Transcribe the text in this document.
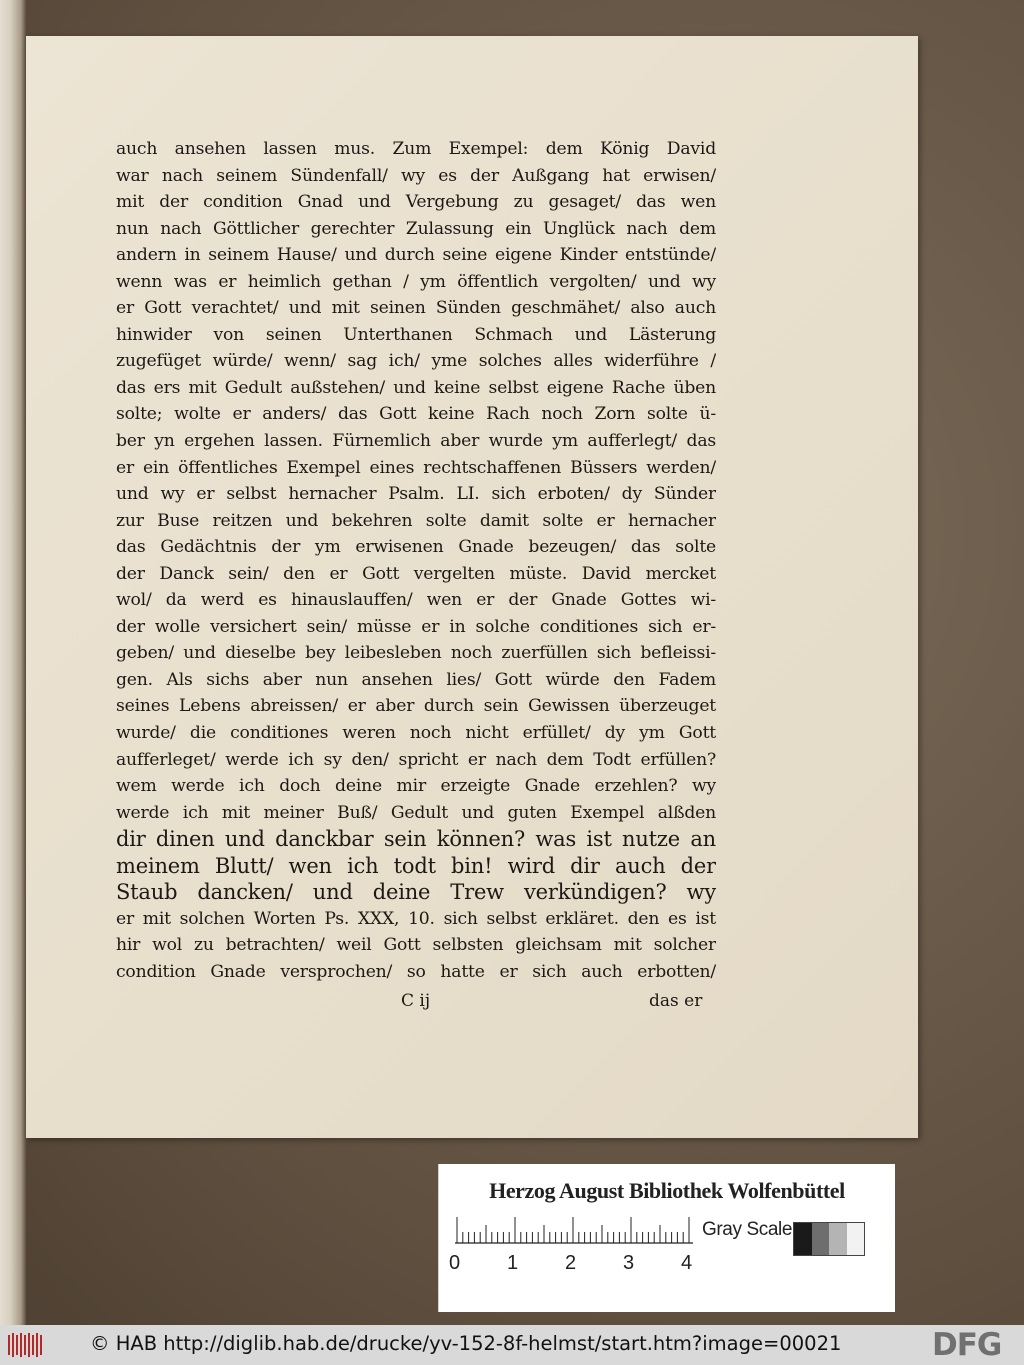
auch ansehen lassen mus. Zum Exempel: dem König David
war nach seinem Sündenfall/ wy es der Außgang hat erwisen/
mit der condition Gnad und Vergebung zu gesaget/ das wen
nun nach Göttlicher gerechter Zulassung ein Unglück nach dem
andern in seinem Hause/ und durch seine eigene Kinder entstünde/
wenn was er heimlich gethan / ym öffentlich vergolten/ und wy
er Gott verachtet/ und mit seinen Sünden geschmähet/ also auch
hinwider von seinen Unterthanen Schmach und Lästerung
zugefüget würde/ wenn/ sag ich/ yme solches alles widerführe /
das ers mit Gedult außstehen/ und keine selbst eigene Rache üben
solte; wolte er anders/ das Gott keine Rach noch Zorn solte ü-
ber yn ergehen lassen. Fürnemlich aber wurde ym aufferlegt/ das
er ein öffentliches Exempel eines rechtschaffenen Büssers werden/
und wy er selbst hernacher Psalm. LI. sich erboten/ dy Sünder
zur Buse reitzen und bekehren solte damit solte er hernacher
das Gedächtnis der ym erwisenen Gnade bezeugen/ das solte
der Danck sein/ den er Gott vergelten müste. David mercket
wol/ da werd es hinauslauffen/ wen er der Gnade Gottes wi-
der wolle versichert sein/ müsse er in solche conditiones sich er-
geben/ und dieselbe bey leibesleben noch zuerfüllen sich befleissi-
gen. Als sichs aber nun ansehen lies/ Gott würde den Fadem
seines Lebens abreissen/ er aber durch sein Gewissen überzeuget
wurde/ die conditiones weren noch nicht erfüllet/ dy ym Gott
aufferleget/ werde ich sy den/ spricht er nach dem Todt erfüllen?
wem werde ich doch deine mir erzeigte Gnade erzehlen? wy
werde ich mit meiner Buß/ Gedult und guten Exempel alßden
dir dinen und danckbar sein können? was ist nutze an
meinem Blutt/ wen ich todt bin! wird dir auch der
Staub dancken/ und deine Trew verkündigen? wy
er mit solchen Worten Ps. XXX, 10. sich selbst erkläret. den es ist
hir wol zu betrachten/ weil Gott selbsten gleichsam mit solcher
condition Gnade versprochen/ so hatte er sich auch erbotten/
C ij	das er
Herzog August Bibliothek Wolfenbüttel
0 1 2 3 4
Gray Scale
© HAB http://diglib.hab.de/drucke/yv-152-8f-helmst/start.htm?image=00021	DFG
